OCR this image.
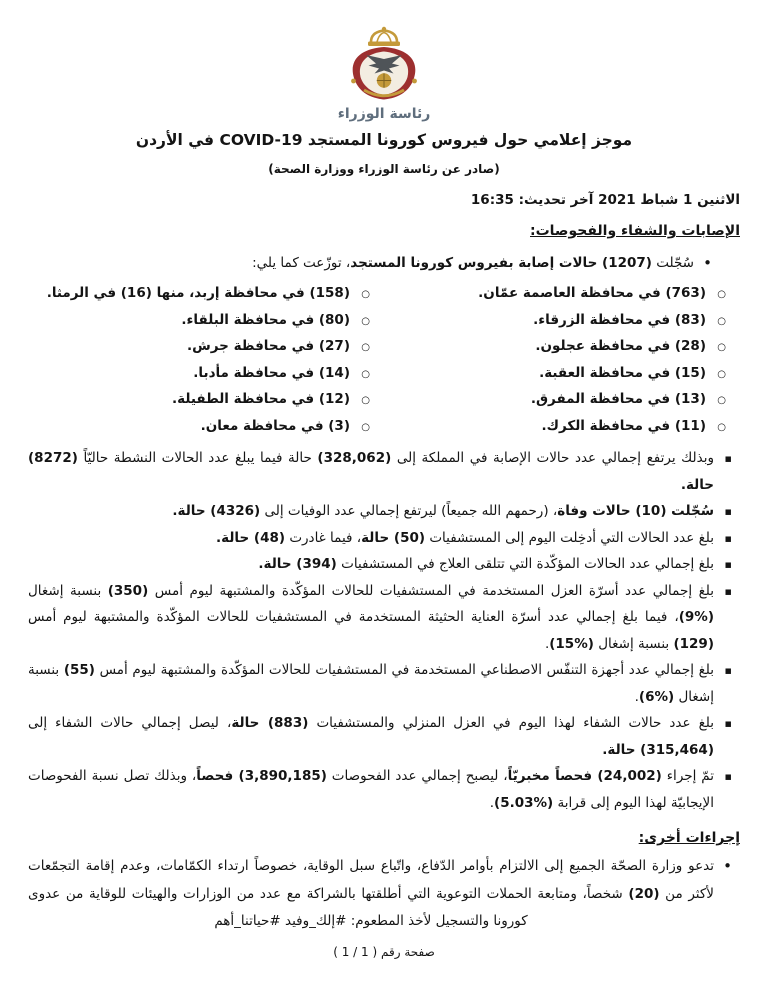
رئاسة الوزراء
موجز إعلامي حول فيروس كورونا المستجد COVID-19 في الأردن
(صادر عن رئاسة الوزراء ووزارة الصحة)
الاثنين 1 شباط 2021 آخر تحديث: 16:35
الإصابات والشفاء والفحوصات:
•
سُجّلت (1207) حالات إصابة بفيروس كورونا المستجد، توزّعت كما يلي:
○
(763) في محافظة العاصمة عمّان.
○
(83) في محافظة الزرقاء.
○
(28) في محافظة عجلون.
○
(15) في محافظة العقبة.
○
(13) في محافظة المفرق.
○
(11) في محافظة الكرك.
○
(158) في محافظة إربد، منها (16) في الرمثا.
○
(80) في محافظة البلقاء.
○
(27) في محافظة جرش.
○
(14) في محافظة مأدبا.
○
(12) في محافظة الطفيلة.
○
(3) في محافظة معان.
▪
وبذلك يرتفع إجمالي عدد حالات الإصابة في المملكة إلى (328,062) حالة فيما يبلغ عدد الحالات النشطة حاليّاً (8272) حالة.
▪
سُجّلت (10) حالات وفاة، (رحمهم الله جميعاً) ليرتفع إجمالي عدد الوفيات إلى (4326) حالة.
▪
بلغ عدد الحالات التي أدخِلت اليوم إلى المستشفيات (50) حالة، فيما غادرت (48) حالة.
▪
بلغ إجمالي عدد الحالات المؤكّدة التي تتلقى العلاج في المستشفيات (394) حالة.
▪
بلغ إجمالي عدد أسرّة العزل المستخدمة في المستشفيات للحالات المؤكّدة والمشتبهة ليوم أمس (350) بنسبة إشغال (%9)، فيما بلغ إجمالي عدد أسرّة العناية الحثيثة المستخدمة في المستشفيات للحالات المؤكّدة والمشتبهة ليوم أمس (129) بنسبة إشغال (%15).
▪
بلغ إجمالي عدد أجهزة التنفّس الاصطناعي المستخدمة في المستشفيات للحالات المؤكّدة والمشتبهة ليوم أمس (55) بنسبة إشغال (%6).
▪
بلغ عدد حالات الشفاء لهذا اليوم في العزل المنزلي والمستشفيات (883) حالة، ليصل إجمالي حالات الشفاء إلى (315,464) حالة.
▪
تمّ إجراء (24,002) فحصاً مخبريّاً، ليصبح إجمالي عدد الفحوصات (3,890,185) فحصاً، وبذلك تصل نسبة الفحوصات الإيجابيّة لهذا اليوم إلى قرابة (%5.03).
إجراءات أخرى:
•
تدعو وزارة الصحّة الجميع إلى الالتزام بأوامر الدّفاع، واتّباع سبل الوقاية، خصوصاً ارتداء الكمّامات، وعدم إقامة التجمّعات لأكثر من (20) شخصاً، ومتابعة الحملات التوعوية التي أطلقتها بالشراكة مع عدد من الوزارات والهيئات للوقاية من عدوى كورونا والتسجيل لأخذ المطعوم: #إلك_وفيد #حياتنا_أهم
صفحة رقم ( 1 / 1 )
